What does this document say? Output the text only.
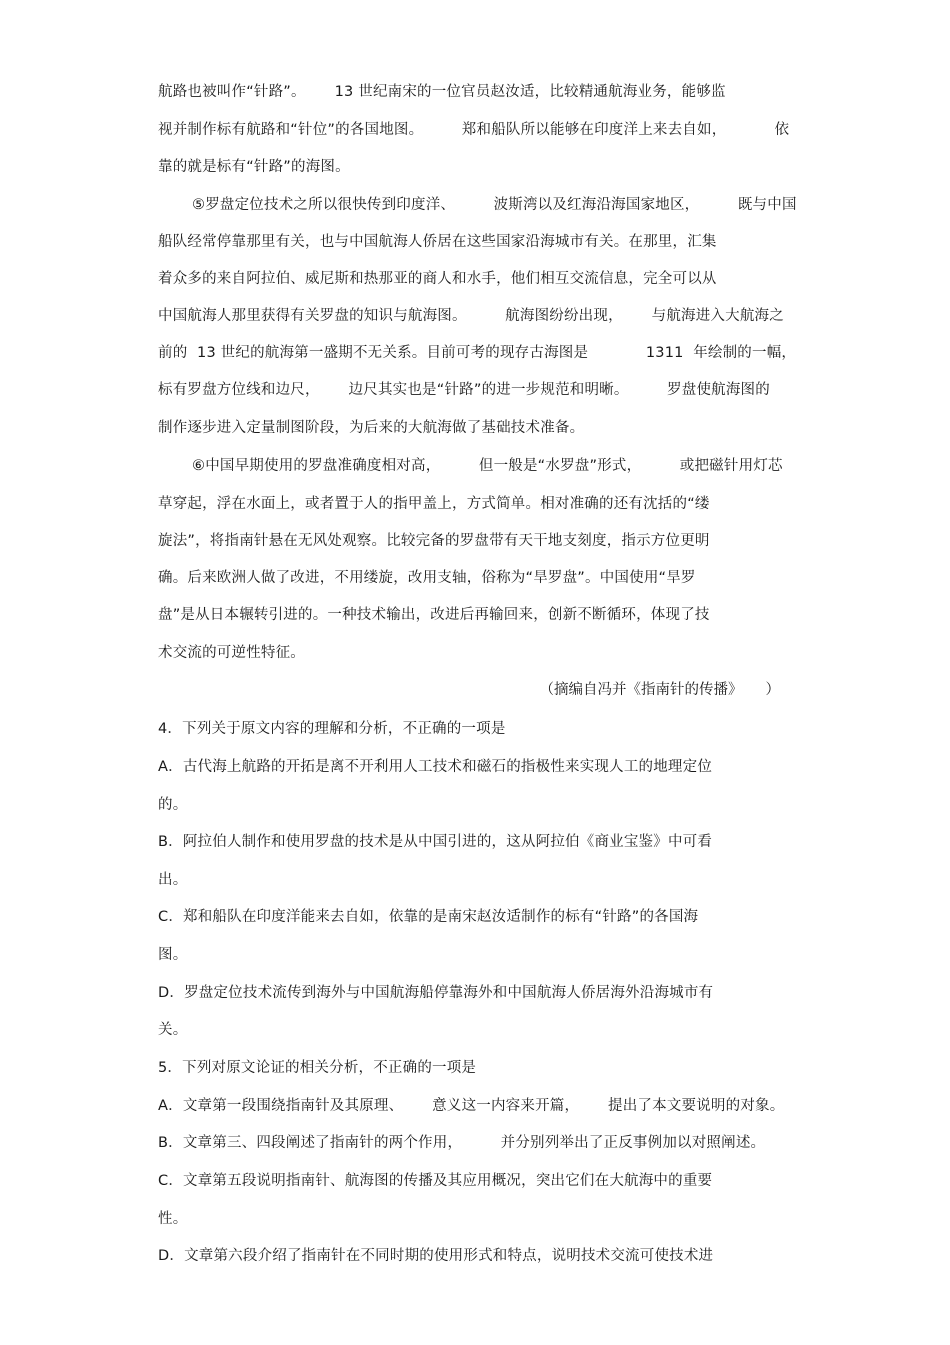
航路也被叫作“针路”。      13 世纪南宋的一位官员赵汝适，比较精通航海业务，能够监
视并制作标有航路和“针位”的各国地图。        郑和船队所以能够在印度洋上来去自如，          依
靠的就是标有“针路”的海图。
⑤罗盘定位技术之所以很快传到印度洋、        波斯湾以及红海沿海国家地区，        既与中国
船队经常停靠那里有关，也与中国航海人侨居在这些国家沿海城市有关。在那里，汇集
着众多的来自阿拉伯、威尼斯和热那亚的商人和水手，他们相互交流信息，完全可以从
中国航海人那里获得有关罗盘的知识与航海图。        航海图纷纷出现，      与航海进入大航海之
前的  13 世纪的航海第一盛期不无关系。目前可考的现存古海图是            1311  年绘制的一幅，
标有罗盘方位线和边尺，      边尺其实也是“针路”的进一步规范和明晰。        罗盘使航海图的
制作逐步进入定量制图阶段，为后来的大航海做了基础技术准备。
⑥中国早期使用的罗盘准确度相对高，        但一般是“水罗盘”形式，        或把磁针用灯芯
草穿起，浮在水面上，或者置于人的指甲盖上，方式简单。相对准确的还有沈括的“缕
旋法”，将指南针悬在无风处观察。比较完备的罗盘带有天干地支刻度，指示方位更明
确。后来欧洲人做了改进，不用缕旋，改用支轴，俗称为“旱罗盘”。中国使用“旱罗
盘”是从日本辗转引进的。一种技术输出，改进后再输回来，创新不断循环，体现了技
术交流的可逆性特征。
（摘编自冯并《指南针的传播》     ）
4．下列关于原文内容的理解和分析，不正确的一项是
A．古代海上航路的开拓是离不开利用人工技术和磁石的指极性来实现人工的地理定位
的。
B．阿拉伯人制作和使用罗盘的技术是从中国引进的，这从阿拉伯《商业宝鉴》中可看
出。
C．郑和船队在印度洋能来去自如，依靠的是南宋赵汝适制作的标有“针路”的各国海
图。
D．罗盘定位技术流传到海外与中国航海船停靠海外和中国航海人侨居海外沿海城市有
关。
5．下列对原文论证的相关分析，不正确的一项是
A．文章第一段围绕指南针及其原理、      意义这一内容来开篇，      提出了本文要说明的对象。
B．文章第三、四段阐述了指南针的两个作用，        并分别列举出了正反事例加以对照阐述。
C．文章第五段说明指南针、航海图的传播及其应用概况，突出它们在大航海中的重要
性。
D．文章第六段介绍了指南针在不同时期的使用形式和特点，说明技术交流可使技术进
